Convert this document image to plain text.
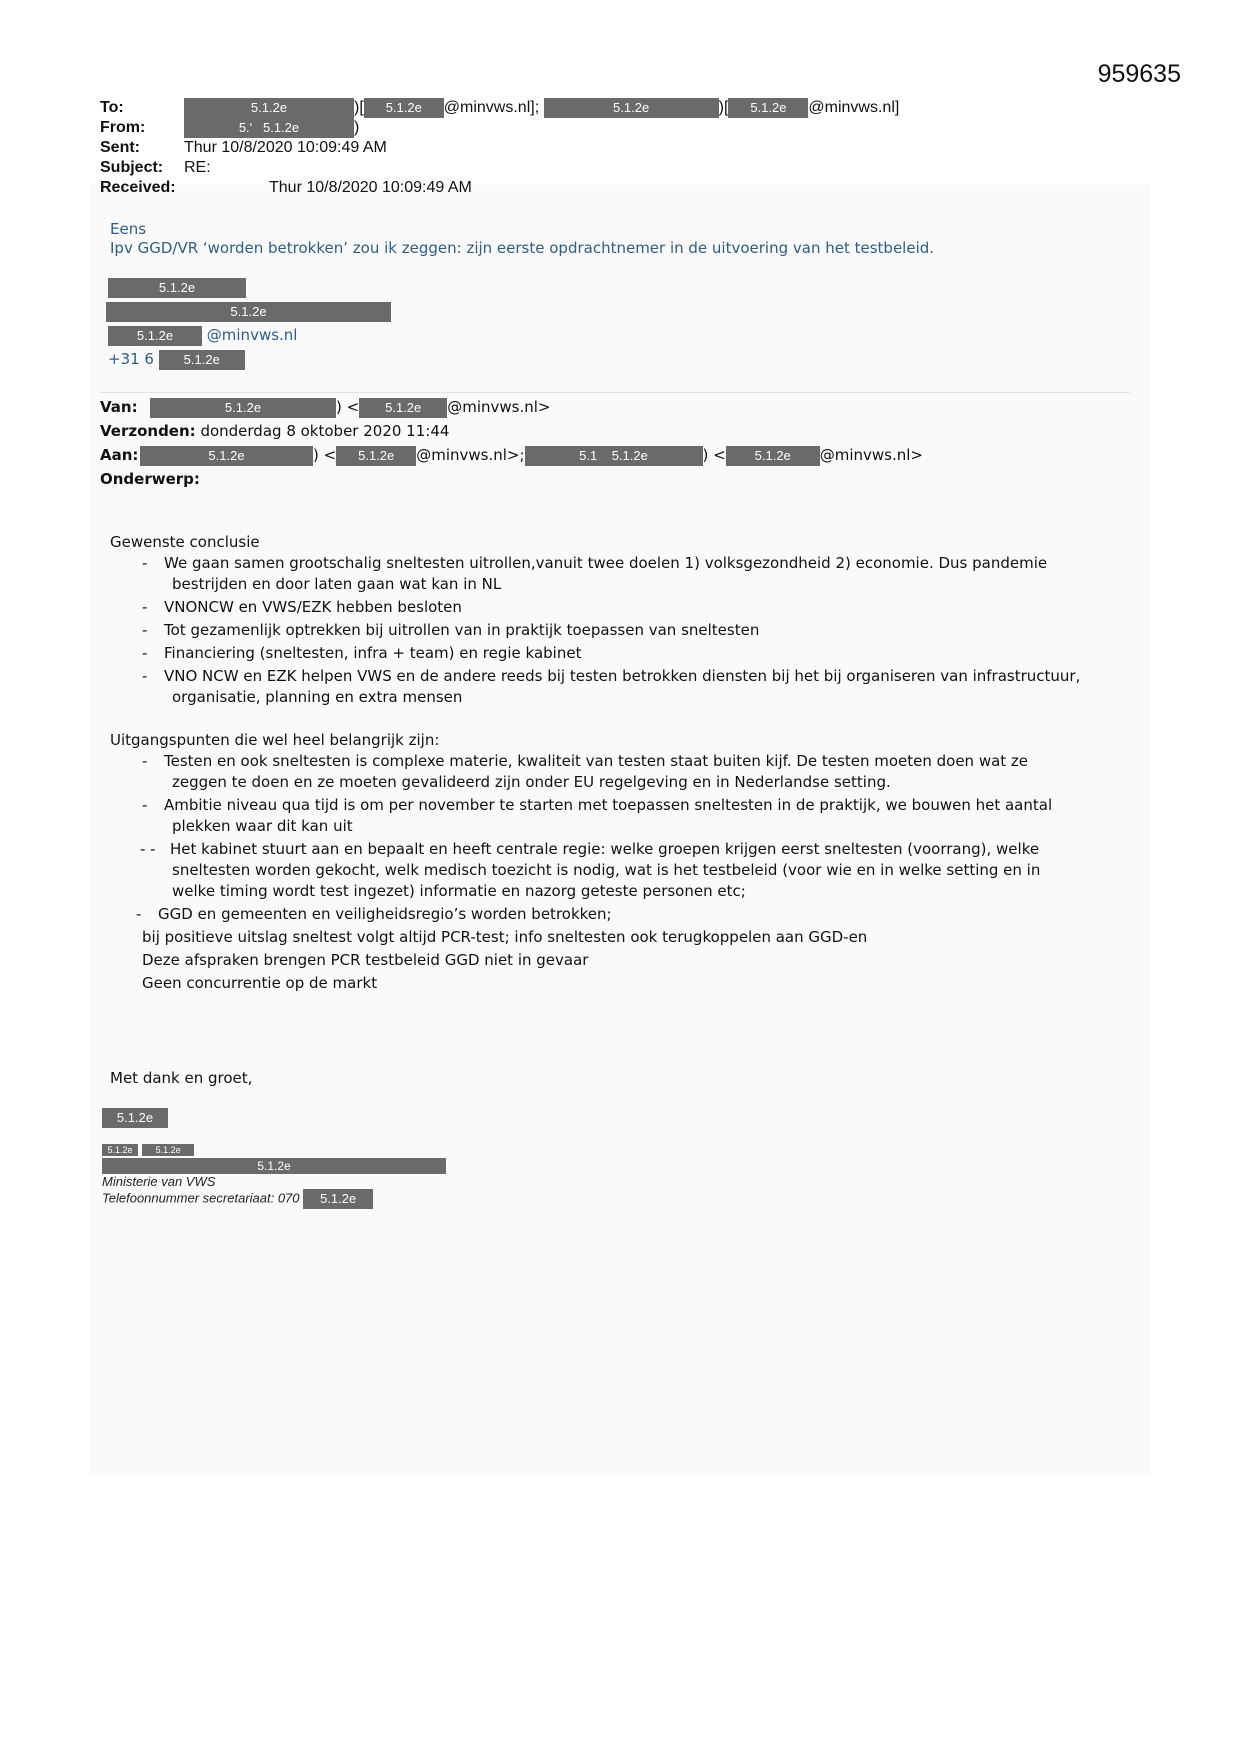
959635
To:	5.1.2e	)[ 5.1.2e @minvws.nl];	5.1.2e	)[ 5.1.2e @minvws.nl]
From:	5.' 5.1.2e	)
Sent:	Thur 10/8/2020 10:09:49 AM
Subject: RE:
Received:	Thur 10/8/2020 10:09:49 AM
Eens
Ipv GGD/VR ‘worden betrokken’ zou ik zeggen: zijn eerste opdrachtnemer in de uitvoering van het testbeleid.
5.1.2e
5.1.2e
5.1.2e @minvws.nl
+31 6 5.1.2e
Van:	5.1.2e	) < 5.1.2e @minvws.nl>
Verzonden: donderdag 8 oktober 2020 11:44
Aan:	5.1.2e	) < 5.1.2e @minvws.nl>;	5.1 5.1.2e	) < 5.1.2e @minvws.nl>
Onderwerp:

Gewenste conclusie

- We gaan samen grootschalig sneltesten uitrollen,vanuit twee doelen 1) volksgezondheid 2) economie. Dus pandemie
bestrijden en door laten gaan wat kan in NL
- VNONCW en VWS/EZK hebben besloten
- Tot gezamenlijk optrekken bij uitrollen van in praktijk toepassen van sneltesten
- Financiering (sneltesten, infra + team) en regie kabinet
- VNO NCW en EZK helpen VWS en de andere reeds bij testen betrokken diensten bij het bij organiseren van infrastructuur,
organisatie, planning en extra mensen

Uitgangspunten die wel heel belangrijk zijn:

- Testen en ook sneltesten is complexe materie, kwaliteit van testen staat buiten kijf. De testen moeten doen wat ze
zeggen te doen en ze moeten gevalideerd zijn onder EU regelgeving en in Nederlandse setting.
- Ambitie niveau qua tijd is om per november te starten met toepassen sneltesten in de praktijk, we bouwen het aantal
plekken waar dit kan uit
- - Het kabinet stuurt aan en bepaalt en heeft centrale regie: welke groepen krijgen eerst sneltesten (voorrang), welke
sneltesten worden gekocht, welk medisch toezicht is nodig, wat is het testbeleid (voor wie en in welke setting en in
welke timing wordt test ingezet) informatie en nazorg geteste personen etc;
- GGD en gemeenten en veiligheidsregio’s worden betrokken;
bij positieve uitslag sneltest volgt altijd PCR-test; info sneltesten ook terugkoppelen aan GGD-en
Deze afspraken brengen PCR testbeleid GGD niet in gevaar
Geen concurrentie op de markt
Met dank en groet,
5.1.2e
5.1.2e	5.1.2e
5.1.2e
Ministerie van VWS
Telefoonnummer secretariaat: 070 5.1.2e
